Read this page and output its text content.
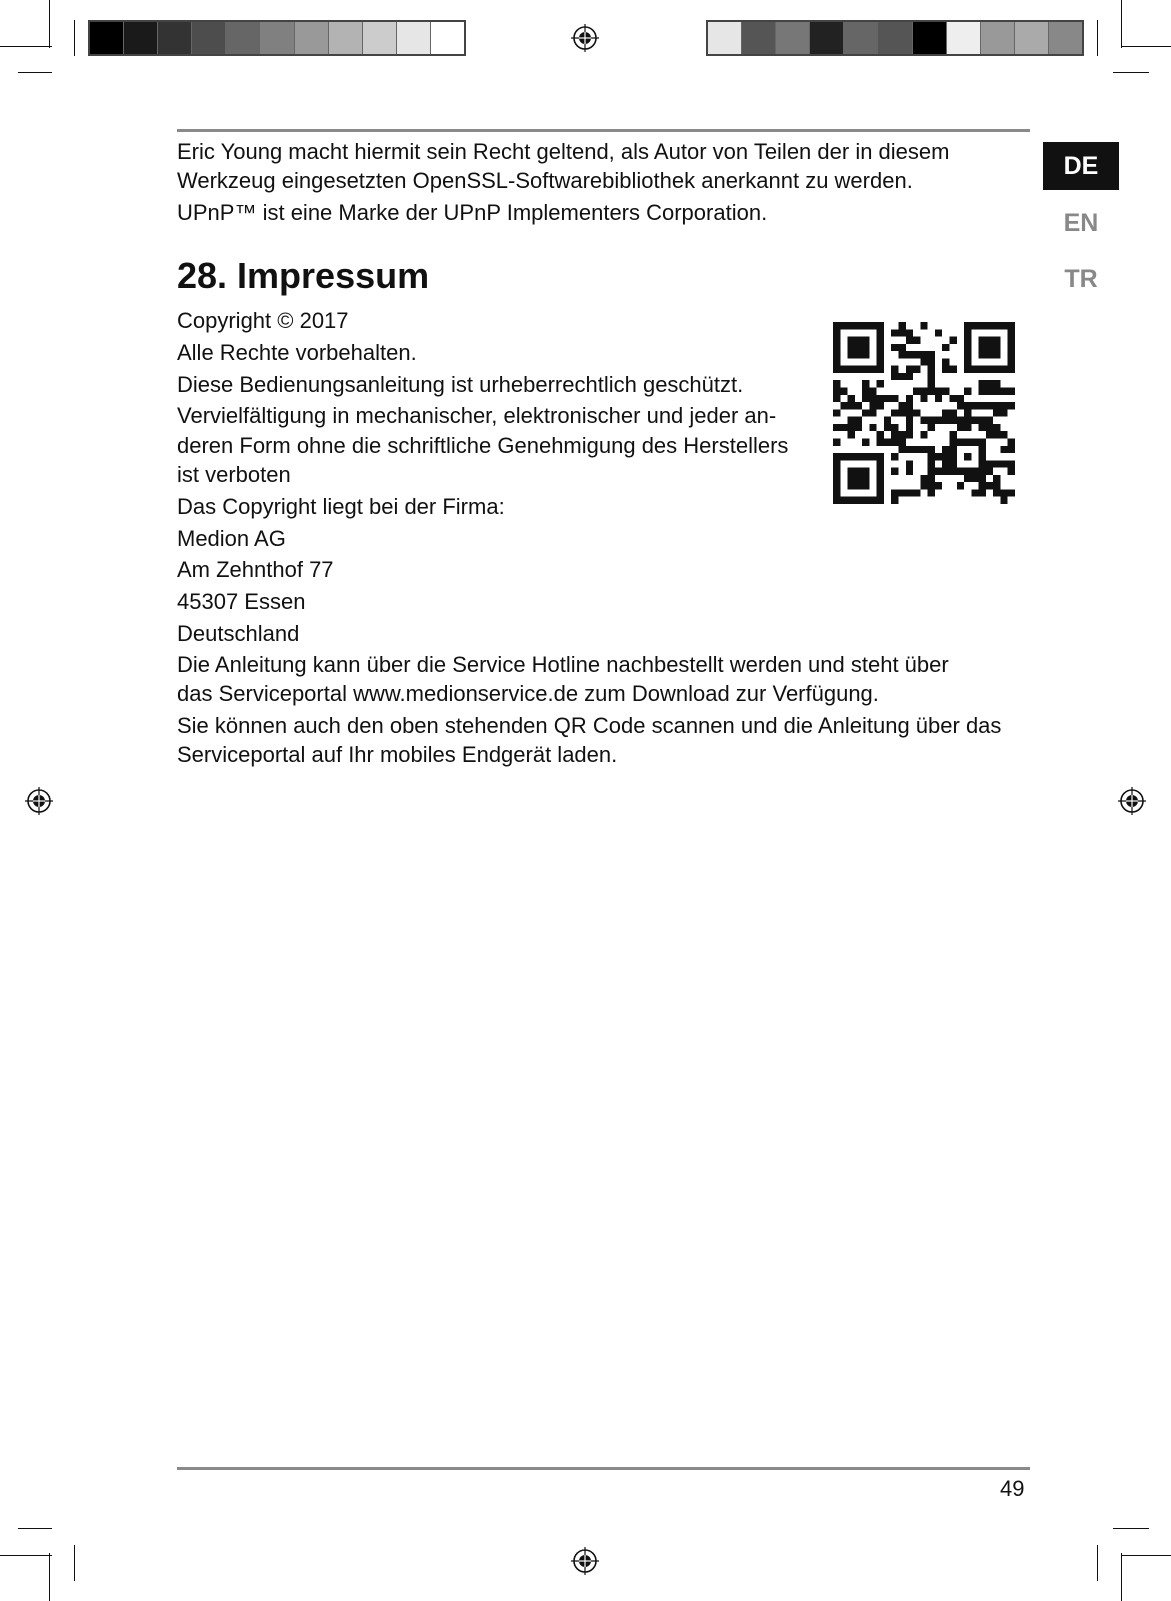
DE
EN
TR
Eric Young macht hiermit sein Recht geltend, als Autor von Teilen der in diesem
Werkzeug eingesetzten OpenSSL-Softwarebibliothek anerkannt zu werden.
UPnP™ ist eine Marke der UPnP Implementers Corporation.
28. Impressum
Copyright © 2017
Alle Rechte vorbehalten.
Diese Bedienungsanleitung ist urheberrechtlich geschützt.
Vervielfältigung in mechanischer, elektronischer und jeder an-
deren Form ohne die schriftliche Genehmigung des Herstellers
ist verboten
Das Copyright liegt bei der Firma:
Medion AG
Am Zehnthof 77
45307 Essen
Deutschland
Die Anleitung kann über die Service Hotline nachbestellt werden und steht über
das Serviceportal www.medionservice.de zum Download zur Verfügung.
Sie können auch den oben stehenden QR Code scannen und die Anleitung über das
Serviceportal auf Ihr mobiles Endgerät laden.
49
